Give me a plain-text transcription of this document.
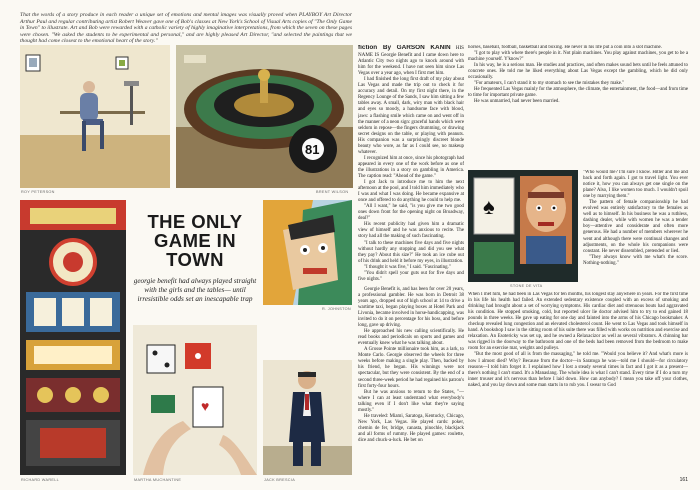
That the words of a story produce in each reader a unique set of emotions and mental images was visually proved when PLAYBOY Art Director Arthur Paul and regular contributing artist Robert Weaver gave one of Bob's classes at New York's School of Visual Arts copies of "The Only Game in Town" to illustrate. Art and Bob were rewarded with a catholic variety of highly imaginative interpretations, from which the seven on these pages were chosen. "We asked the students to be experimental and personal," and are highly pleased Art Director, "and selected the paintings that we thought had come closest to the emotional heart of the story."
ROY PETERSON
81
BRENT WILSON
RICHARD WARELL
THE ONLY GAME IN TOWN
georgie benefit had always played straight with the girls and the tables— until irresistible odds set an inescapable trap
R. JOHNSTON
♥
MARTHA MUCHANTINE	JACK BRESCIA

fiction By GARSON KANIN HIS NAME IS Georgie Benefit and I came down here to Atlantic City two nights ago to knock around with him for the weekend. I have not seen him since Las Vegas over a year ago, when I first met him.

I had finished the long first draft of my play about Las Vegas and made the trip out to check it for accuracy and detail. On my first night there, in the Regency Lounge of the Sands, I saw him sitting a few tables away. A small, dark, wiry man with black hair and eyes so moody, a handsome face with blood, jaws: a flashing smile which came on and went off in the manner of a neon sign: graceful hands which were seldom in repose—the fingers drumming, or drawing secret designs on the table, or playing with peanuts. His companion was a surprisingly discreet blonde beauty who wore, as far as I could see, no makeup whatever.

I recognized him at once, since his photograph had appeared in every one of the work before as one of the illustrations in a story on gambling in America. The caption read: "Ahead of the game."

I got Jack to introduce me to him the next afternoon at the pool, and I told him immediately who I was and what I was doing. He became expansive at once and offered to do anything he could to help me.

"All I want," he said, "is you give me two good ones down front for the opening night on Broadway, deal?"

His recent publicity had given him a dramatic view of himself and he was anxious to recite. The story had all the making of such fascinating.

"I talk to these machines five days and five nights without hardly any stopping and did you see what they pay? About this size?" He took an ice cube out of his drink and held it before my eyes, in illustration.

"I thought it was five," I said. "Fascinating."

"You didn't spell your guts out for five days and five nights."

Georgie Benefit is, and has been for over 20 years, a professional gambler. He was born in Detroit 38 years ago, dropped out of high school at 14 to drive a wartime taxi, began playing boxes at Hotel Park and Livonia, became involved in horse-handicapping, was invited to do it on percentage for his boss, and before long, gave up driving.

He approached his new calling scientifically. He read books and periodicals on sports and games and eventually knew what he was talking about.

A Grosse Pointe millionaire took him, as a lark, to Monte Carlo. Georgie observed the wheels for three weeks before making a single play. Then, backed by his friend, he began. His winnings were not spectacular, but they were consistent. By the end of a second three-week period he had regained his patron's first forty-four hours.

But he was anxious to return to the States, "—where I can at least understand what everybody's talking even if I don't like what they're saying mostly."

He traveled: Miami, Saratoga, Kentucky, Chicago, New York, Las Vegas. He played cards: poker, chemin de fer, bridge, canasta, pinochle, blackjack and all forms of rummy. He played games: roulette, dice and chuck-a-luck. He bet on

♠
STONE DE VITA

horses, baseball, football, basketball and boxing. He never in his life put a coin into a slot machine.

"I got to play with where there's people in it. Not plain machines. You play against machines, you get to be a machine yourself. Y'know?"

In his way, he is a serious man. He studies and practices, and often makes sound bets until he feels attuned to concrete ones. He told me he liked everything about Las Vegas except the gambling, which he did only occasionally.

"For amateurs, I can't stand it to my stomach to see the mistakes they make."

He frequented Las Vegas mainly for the atmosphere, the climate, the entertainment, the food—and from time to time for important private game.

He was unmarried, had never been married.

"Who would me? I'm sure I know. Hitler and me and back and forth again. I got to travel light. You ever notice it, how you can always get one single on the plane? Also, I like women too much. I wouldn't spoil one by marrying them."

The pattern of female companionship he had evolved was entirely satisfactory to the females as well as to himself. In his business he was a ruthless, dashing dealer, while with women he was a tender boy—attentive and considerate and often more generous. He had a number of members wherever he went and although there were continual changes and adjustments, on the whole his companions were constant. He never dissembled, pretended or lied.

"They always know with me what's the score. Nothing-nothing."

When I met him, he had been in Las Vegas for ten months, his longest stay anywhere in years. For the first time in his life his health had failed. An extended sedentary existence coupled with an excess of smoking and drinking had brought about a set of worrying symptoms. His cardiac diet and strenuous bouts had aggravated his condition. He stopped smoking, cold, but reported ulcer lie doctor advised him to try to end gained 18 pounds in three weeks. He gave up eating for one day and fainted into the arms of his Chicago bookmaker. A checkup revealed lung congestion and an elevated cholesterol count. He went to Las Vegas and took himself in hand. A bookshop I saw in the sitting room of his suite there was filled with works on nutrition and exercise and relaxation. An Esotericky was set up, and he owned a Relaxacizor as well as several vibrators. A chinning bar was rigged in the doorway to the bathroom and one of the beds had been removed from the bedroom to make room for an exercise mat, weights and pulleys.

"But the most good of all is from the massaging," he told me. "Would you believe it? And what's more is how I almost died? Why? Because from the doctor—in Saratoga he was—told me I should—for circulatory reasons—I told him forget it. I explained how I lost a steady several times in fact and I got it as a present—there's nothing I can't stand. It's a Manaslang. The whole idea is what I can't stand. Every time if I do a turn my inner trouser and it's nervous than before I laid down. How can anybody? I mean you take off your clothes, naked, and you lay down and some man starts in to rub you. I swear to God

161
